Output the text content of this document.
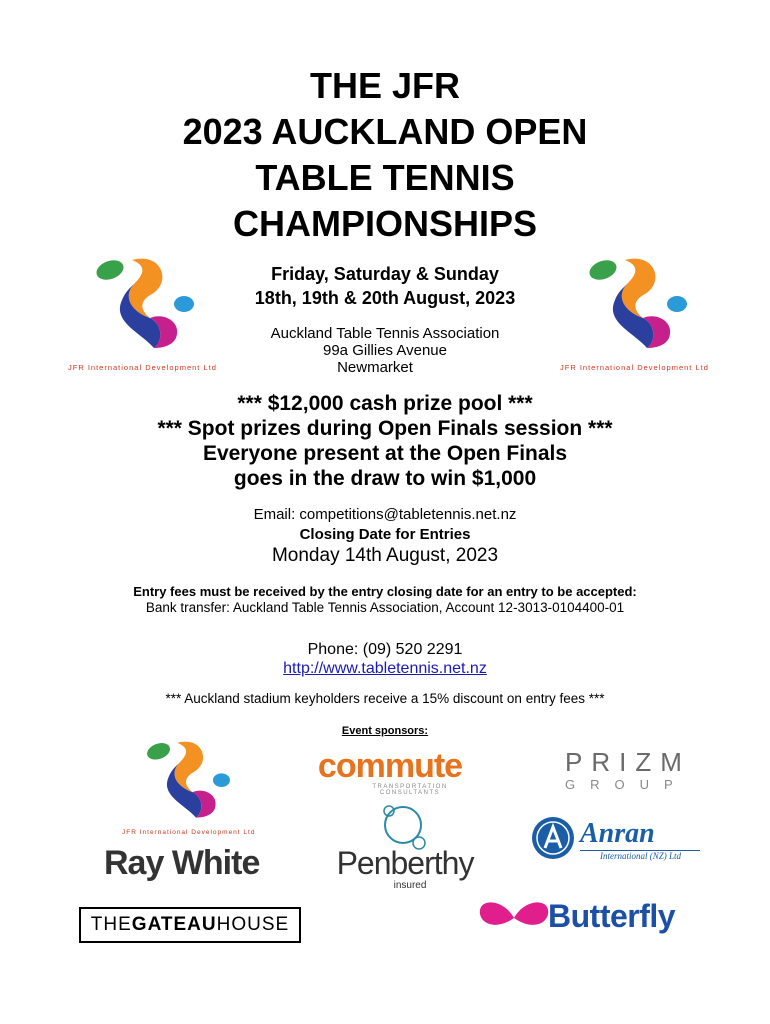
THE JFR
2023 AUCKLAND OPEN
TABLE TENNIS
CHAMPIONSHIPS
JFR International Development Ltd	JFR International Development Ltd
Friday, Saturday & Sunday
18th, 19th & 20th August, 2023
Auckland Table Tennis Association
99a Gillies Avenue
Newmarket
*** $12,000 cash prize pool ***
*** Spot prizes during Open Finals session ***
Everyone present at the Open Finals
goes in the draw to win $1,000
Email: competitions@tabletennis.net.nz
Closing Date for Entries
Monday 14th August, 2023
Entry fees must be received by the entry closing date for an entry to be accepted:
Bank transfer: Auckland Table Tennis Association, Account 12-3013-0104400-01
Phone: (09) 520 2291
http://www.tabletennis.net.nz
*** Auckland stadium keyholders receive a 15% discount on entry fees ***
Event sponsors:
JFR International Development Ltd
commute
TRANSPORTATION CONSULTANTS
PRIZM
GROUP
Penberthy
insured
Anran
International (NZ) Ltd
Ray White
THEGATEAUHOUSE	Butterfly
